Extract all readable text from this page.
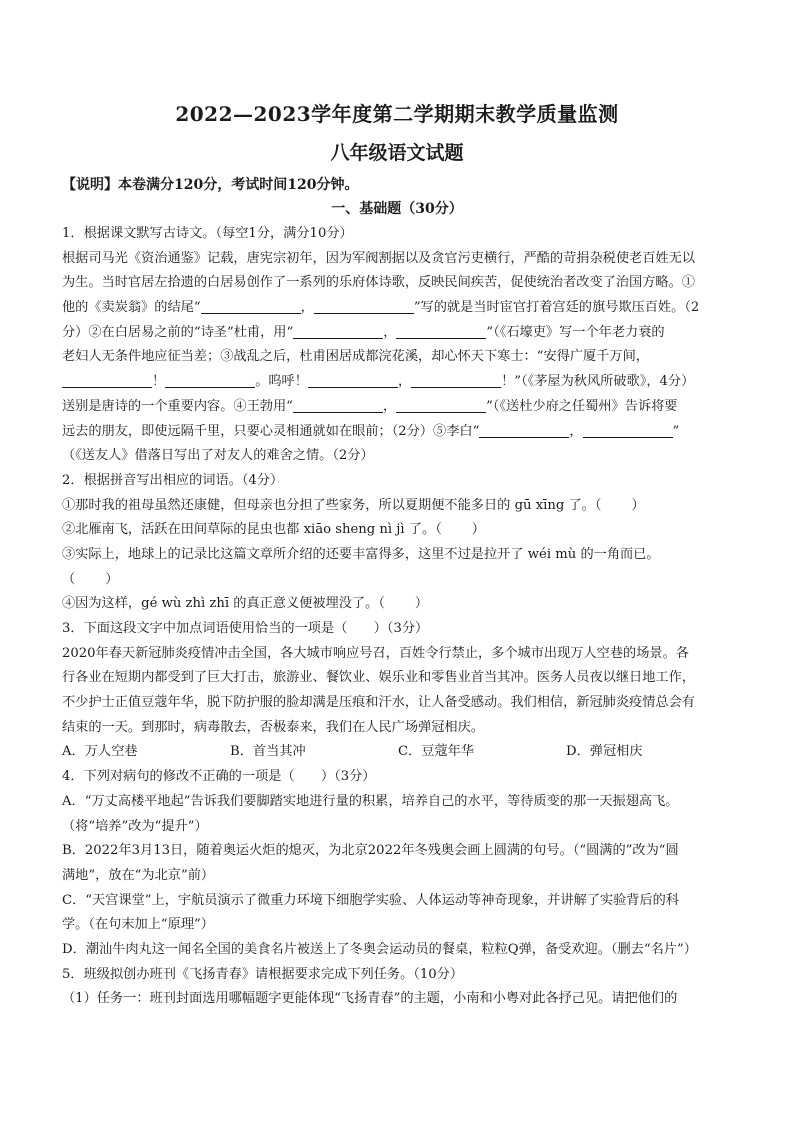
2022—2023学年度第二学期期末教学质量监测
八年级语文试题
【说明】本卷满分120分，考试时间120分钟。
一、基础题（30分）
1．根据课文默写古诗文。（每空1分，满分10分）
根据司马光《资治通鉴》记载，唐宪宗初年，因为军阀割据以及贪官污吏横行，严酷的苛捐杂税使老百姓无以
为生。当时官居左拾遗的白居易创作了一系列的乐府体诗歌，反映民间疾苦，促使统治者改变了治国方略。①
他的《卖炭翁》的结尾“	，	”写的就是当时宦官打着宫廷的旗号欺压百姓。（2
分）②在白居易之前的“诗圣”杜甫，用“	，	”（《石壕吏》写一个年老力衰的
老妇人无条件地应征当差；③战乱之后，杜甫困居成都浣花溪，却心怀天下寒士：“安得广厦千万间，
！	。呜呼！	，	！”（《茅屋为秋风所破歌》，4分）
送别是唐诗的一个重要内容。④王勃用“	，	”（《送杜少府之任蜀州》告诉将要
远去的朋友，即使远隔千里，只要心灵相通就如在眼前；（2分）⑤李白“	，	”
（《送友人》借落日写出了对友人的难舍之情。（2分）
2．根据拼音写出相应的词语。（4分）
①那时我的祖母虽然还康健，但母亲也分担了些家务，所以夏期便不能多日的 gū xīng 了。（ ）
②北雁南飞，活跃在田间草际的昆虫也都 xiāo sheng nì jì 了。（ ）
③实际上，地球上的记录比这篇文章所介绍的还要丰富得多，这里不过是拉开了 wéi mù 的一角而已。
（ ）
④因为这样，gé wù zhì zhī 的真正意义便被埋没了。（ ）
3．下面这段文字中加点词语使用恰当的一项是（　　）（3分）
2020年春天新冠肺炎疫情冲击全国，各大城市响应号召，百姓令行禁止，多个城市出现万人空巷的场景。各
行各业在短期内都受到了巨大打击，旅游业、餐饮业、娱乐业和零售业首当其冲。医务人员夜以继日地工作，
不少护士正值豆蔻年华，脱下防护服的脸却满是压痕和汗水，让人备受感动。我们相信，新冠肺炎疫情总会有
结束的一天。到那时，病毒散去，否极泰来，我们在人民广场弹冠相庆。
A．万人空巷	B．首当其冲	C．豆蔻年华	D．弹冠相庆
4．下列对病句的修改不正确的一项是（　　）（3分）
A．“万丈高楼平地起”告诉我们要脚踏实地进行量的积累，培养自己的水平，等待质变的那一天振翅高飞。
（将“培养”改为“提升”）
B．2022年3月13日，随着奥运火炬的熄灭，为北京2022年冬残奥会画上圆满的句号。（“圆满的”改为“圆
满地”，放在“为北京”前）
C．“天宫课堂”上，宇航员演示了微重力环境下细胞学实验、人体运动等神奇现象，并讲解了实验背后的科
学。（在句末加上“原理”）
D．潮汕牛肉丸这一闻名全国的美食名片被送上了冬奥会运动员的餐桌，粒粒Q弹，备受欢迎。（删去“名片”）
5．班级拟创办班刊《飞扬青春》请根据要求完成下列任务。（10分）
（1）任务一：班刊封面选用哪幅题字更能体现“飞扬青春”的主题，小南和小粤对此各抒己见。请把他们的
